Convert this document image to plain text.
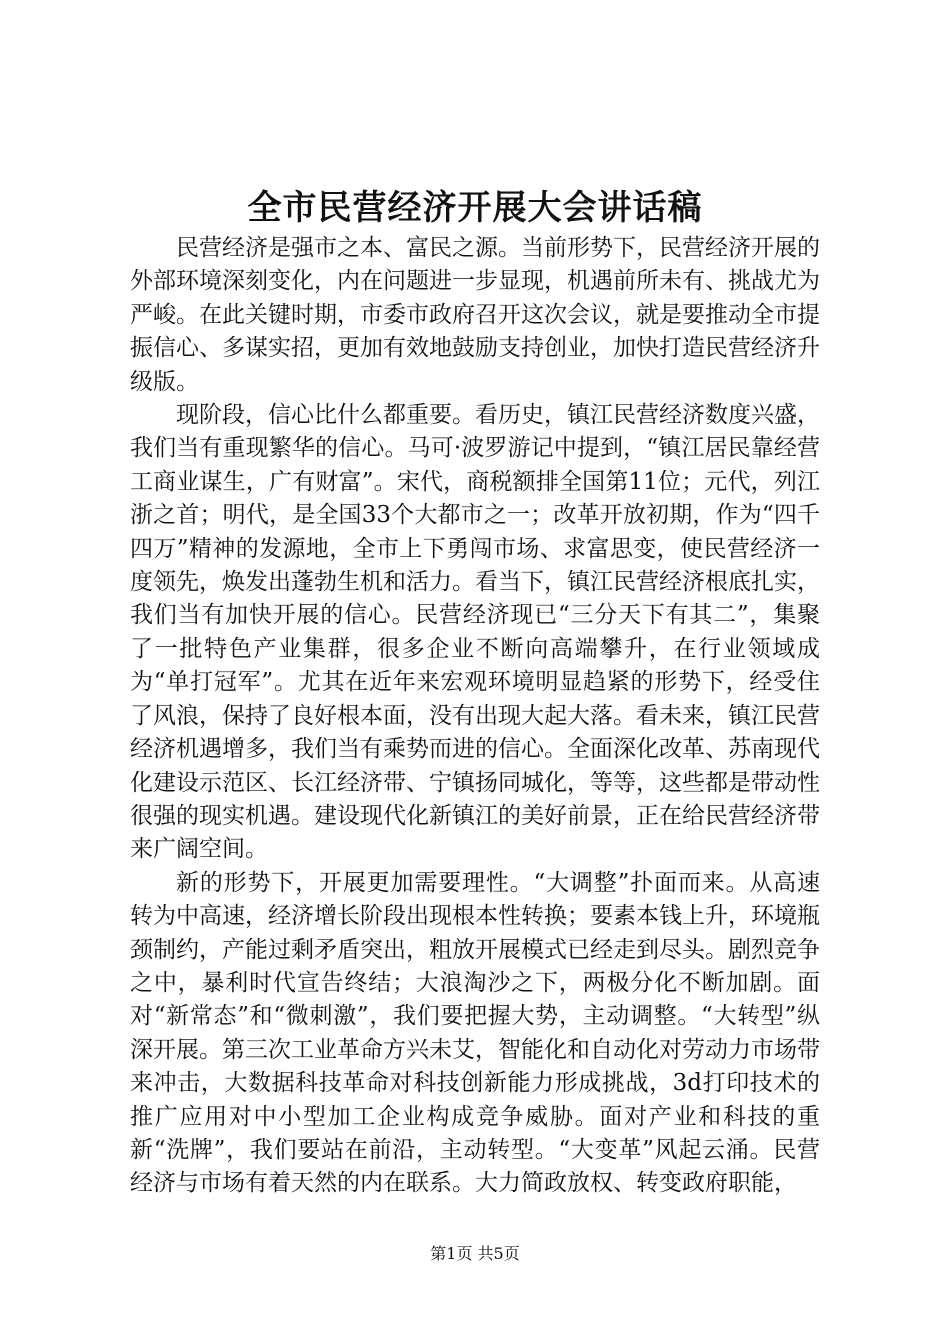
全市民营经济开展大会讲话稿

民营经济是强市之本、富民之源。当前形势下，民营经济开展的外部环境深刻变化，内在问题进一步显现，机遇前所未有、挑战尤为严峻。在此关键时期，市委市政府召开这次会议，就是要推动全市提振信心、多谋实招，更加有效地鼓励支持创业，加快打造民营经济升级版。

现阶段，信心比什么都重要。看历史，镇江民营经济数度兴盛，我们当有重现繁华的信心。马可·波罗游记中提到，“镇江居民靠经营工商业谋生，广有财富”。宋代，商税额排全国第11位；元代，列江浙之首；明代，是全国33个大都市之一；改革开放初期，作为“四千四万”精神的发源地，全市上下勇闯市场、求富思变，使民营经济一度领先，焕发出蓬勃生机和活力。看当下，镇江民营经济根底扎实，我们当有加快开展的信心。民营经济现已“三分天下有其二”，集聚了一批特色产业集群，很多企业不断向高端攀升，在行业领域成为“单打冠军”。尤其在近年来宏观环境明显趋紧的形势下，经受住了风浪，保持了良好根本面，没有出现大起大落。看未来，镇江民营经济机遇增多，我们当有乘势而进的信心。全面深化改革、苏南现代化建设示范区、长江经济带、宁镇扬同城化，等等，这些都是带动性很强的现实机遇。建设现代化新镇江的美好前景，正在给民营经济带来广阔空间。

新的形势下，开展更加需要理性。“大调整”扑面而来。从高速转为中高速，经济增长阶段出现根本性转换；要素本钱上升，环境瓶颈制约，产能过剩矛盾突出，粗放开展模式已经走到尽头。剧烈竞争之中，暴利时代宣告终结；大浪淘沙之下，两极分化不断加剧。面对“新常态”和“微刺激”，我们要把握大势，主动调整。“大转型”纵深开展。第三次工业革命方兴未艾，智能化和自动化对劳动力市场带来冲击，大数据科技革命对科技创新能力形成挑战，3d打印技术的推广应用对中小型加工企业构成竞争威胁。面对产业和科技的重新“洗牌”，我们要站在前沿，主动转型。“大变革”风起云涌。民营经济与市场有着天然的内在联系。大力简政放权、转变政府职能，

第1页 共5页
